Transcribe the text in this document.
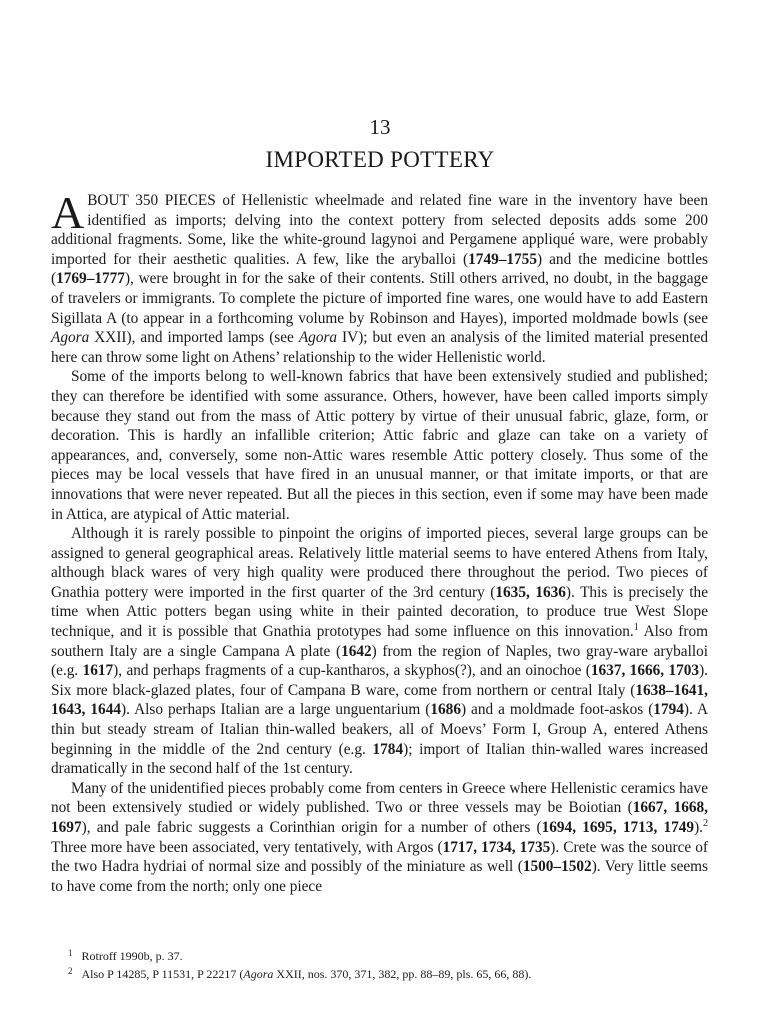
13
IMPORTED POTTERY

ABOUT 350 PIECES of Hellenistic wheelmade and related fine ware in the inventory have been identified as imports; delving into the context pottery from selected deposits adds some 200 additional fragments. Some, like the white-ground lagynoi and Pergamene appliqué ware, were probably imported for their aesthetic qualities. A few, like the aryballoi (1749–1755) and the medicine bottles (1769–1777), were brought in for the sake of their contents. Still others arrived, no doubt, in the baggage of travelers or immigrants. To complete the picture of imported fine wares, one would have to add Eastern Sigillata A (to appear in a forthcoming volume by Robinson and Hayes), imported moldmade bowls (see Agora XXII), and imported lamps (see Agora IV); but even an analysis of the limited material presented here can throw some light on Athens’ relationship to the wider Hellenistic world.

Some of the imports belong to well-known fabrics that have been extensively studied and published; they can therefore be identified with some assurance. Others, however, have been called imports simply because they stand out from the mass of Attic pottery by virtue of their unusual fabric, glaze, form, or decoration. This is hardly an infallible criterion; Attic fabric and glaze can take on a variety of appearances, and, conversely, some non-Attic wares resemble Attic pottery closely. Thus some of the pieces may be local vessels that have fired in an unusual manner, or that imitate imports, or that are innovations that were never repeated. But all the pieces in this section, even if some may have been made in Attica, are atypical of Attic material.

Although it is rarely possible to pinpoint the origins of imported pieces, several large groups can be assigned to general geographical areas. Relatively little material seems to have entered Athens from Italy, although black wares of very high quality were produced there throughout the period. Two pieces of Gnathia pottery were imported in the first quarter of the 3rd century (1635, 1636). This is precisely the time when Attic potters began using white in their painted decoration, to produce true West Slope technique, and it is possible that Gnathia prototypes had some influence on this innovation.$^1$ Also from southern Italy are a single Campana A plate (1642) from the region of Naples, two gray-ware aryballoi (e.g. 1617), and perhaps fragments of a cup-kantharos, a skyphos(?), and an oinochoe (1637, 1666, 1703). Six more black-glazed plates, four of Campana B ware, come from northern or central Italy (1638–1641, 1643, 1644). Also perhaps Italian are a large unguentarium (1686) and a moldmade foot-askos (1794). A thin but steady stream of Italian thin-walled beakers, all of Moevs’ Form I, Group A, entered Athens beginning in the middle of the 2nd century (e.g. 1784); import of Italian thin-walled wares increased dramatically in the second half of the 1st century.

Many of the unidentified pieces probably come from centers in Greece where Hellenistic ceramics have not been extensively studied or widely published. Two or three vessels may be Boiotian (1667, 1668, 1697), and pale fabric suggests a Corinthian origin for a number of others (1694, 1695, 1713, 1749).$^2$ Three more have been associated, very tentatively, with Argos (1717, 1734, 1735). Crete was the source of the two Hadra hydriai of normal size and possibly of the miniature as well (1500–1502). Very little seems to have come from the north; only one piece

$^1$ Rotroff 1990b, p. 37.
$^2$ Also P 14285, P 11531, P 22217 (Agora XXII, nos. 370, 371, 382, pp. 88–89, pls. 65, 66, 88).
